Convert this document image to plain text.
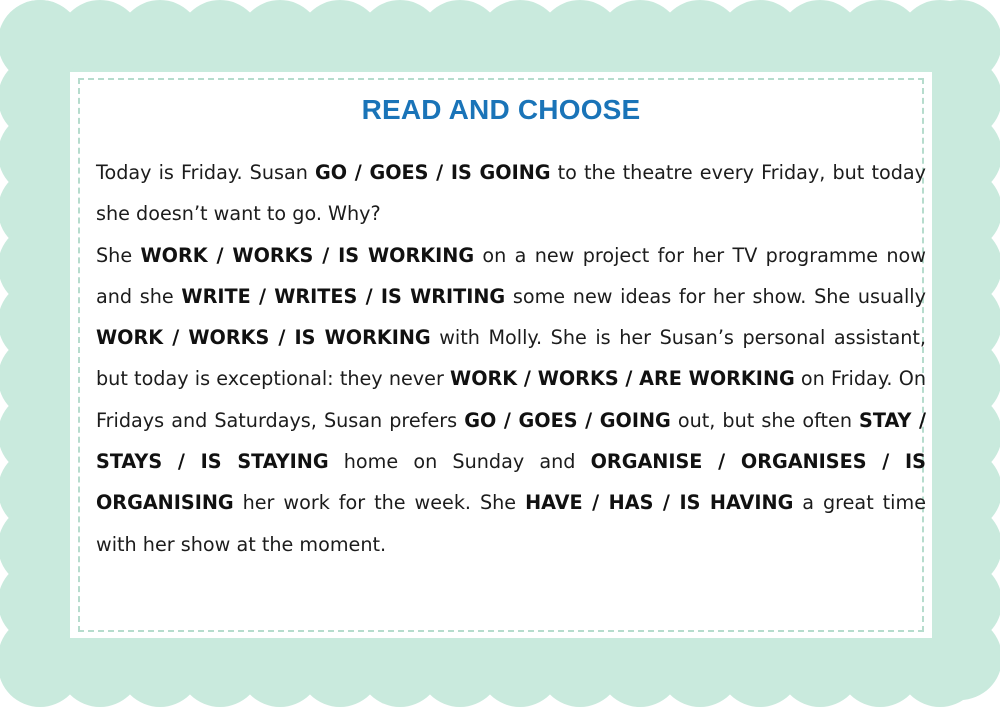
READ AND CHOOSE
Today is Friday. Susan GO / GOES / IS GOING to the theatre every Friday, but today she doesn’t want to go. Why?
She WORK / WORKS / IS WORKING on a new project for her TV programme now and she WRITE / WRITES / IS WRITING some new ideas for her show. She usually WORK / WORKS / IS WORKING with Molly. She is her Susan’s personal assistant, but today is exceptional: they never WORK / WORKS / ARE WORKING on Friday. On Fridays and Saturdays, Susan prefers GO / GOES / GOING out, but she often STAY / STAYS / IS STAYING home on Sunday and ORGANISE / ORGANISES / IS ORGANISING her work for the week. She HAVE / HAS / IS HAVING a great time with her show at the moment.
